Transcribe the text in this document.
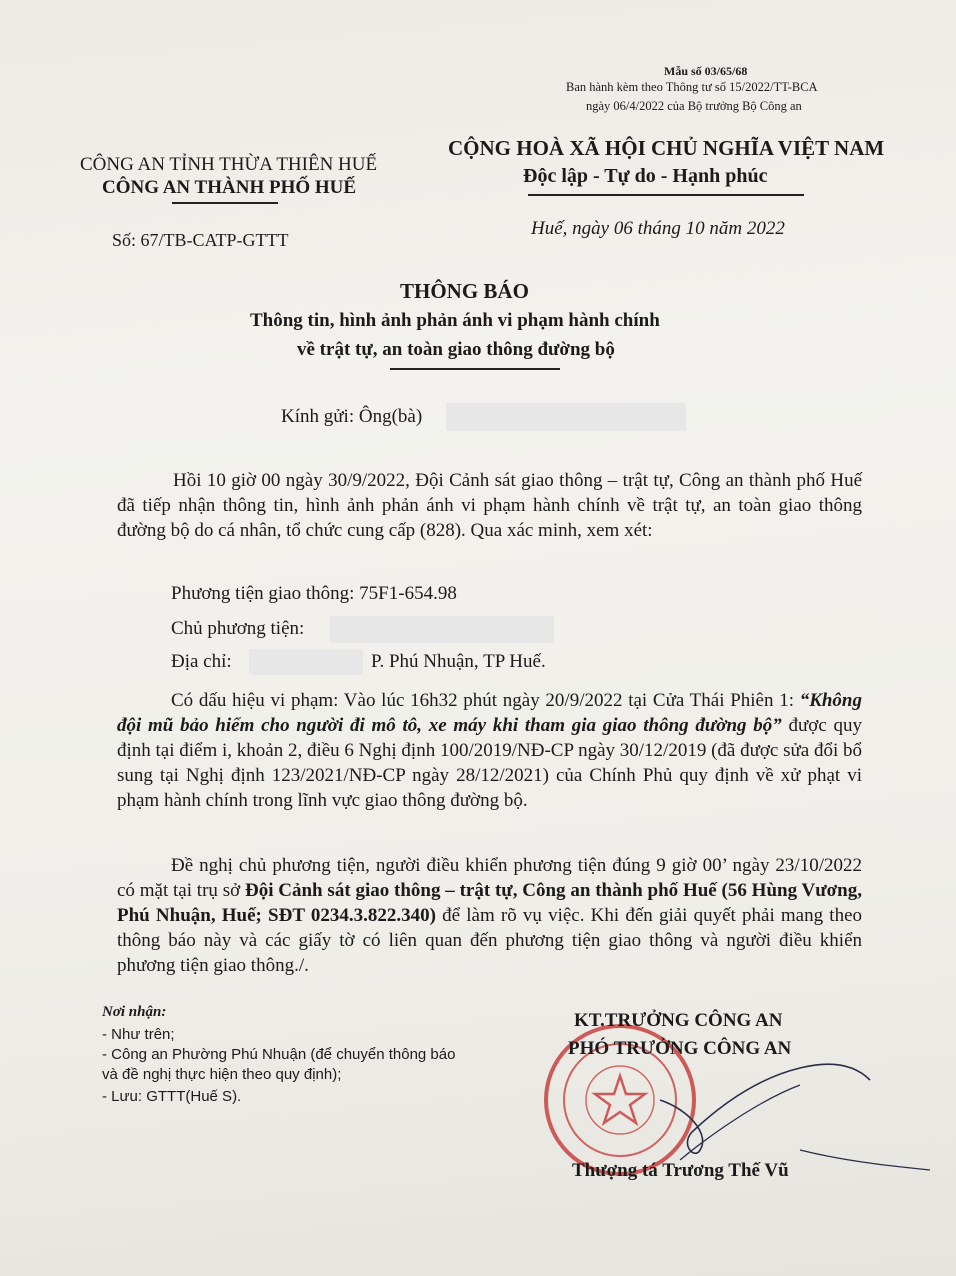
Mẫu số 03/65/68
Ban hành kèm theo Thông tư số 15/2022/TT-BCA
ngày 06/4/2022 của Bộ trưởng Bộ Công an
CÔNG AN TỈNH THỪA THIÊN HUẾ
CÔNG AN THÀNH PHỐ HUẾ
CỘNG HOÀ XÃ HỘI CHỦ NGHĨA VIỆT NAM
Độc lập - Tự do - Hạnh phúc
Số: 67/TB-CATP-GTTT
Huế, ngày 06 tháng 10 năm 2022
THÔNG BÁO
Thông tin, hình ảnh phản ánh vi phạm hành chính
về trật tự, an toàn giao thông đường bộ
Kính gửi: Ông(bà)
Hồi 10 giờ 00 ngày 30/9/2022, Đội Cảnh sát giao thông – trật tự, Công an thành phố Huế đã tiếp nhận thông tin, hình ảnh phản ánh vi phạm hành chính về trật tự, an toàn giao thông đường bộ do cá nhân, tổ chức cung cấp (828). Qua xác minh, xem xét:
Phương tiện giao thông: 75F1-654.98
Chủ phương tiện:
Địa chỉ:	P. Phú Nhuận, TP Huế.
Có dấu hiệu vi phạm: Vào lúc 16h32 phút ngày 20/9/2022 tại Cửa Thái Phiên 1: “Không đội mũ bảo hiểm cho người đi mô tô, xe máy khi tham gia giao thông đường bộ” được quy định tại điểm i, khoản 2, điều 6 Nghị định 100/2019/NĐ-CP ngày 30/12/2019 (đã được sửa đổi bổ sung tại Nghị định 123/2021/NĐ-CP ngày 28/12/2021) của Chính Phủ quy định về xử phạt vi phạm hành chính trong lĩnh vực giao thông đường bộ.
Đề nghị chủ phương tiện, người điều khiển phương tiện đúng 9 giờ 00’ ngày 23/10/2022 có mặt tại trụ sở Đội Cảnh sát giao thông – trật tự, Công an thành phố Huế (56 Hùng Vương, Phú Nhuận, Huế; SĐT 0234.3.822.340) để làm rõ vụ việc. Khi đến giải quyết phải mang theo thông báo này và các giấy tờ có liên quan đến phương tiện giao thông và người điều khiển phương tiện giao thông./.
Nơi nhận:
- Như trên;
- Công an Phường Phú Nhuận (để chuyển thông báo
và đề nghị thực hiện theo quy định);
- Lưu: GTTT(Huế S).
KT.TRƯỞNG CÔNG AN
PHÓ TRƯỞNG CÔNG AN
Thượng tá Trương Thế Vũ
